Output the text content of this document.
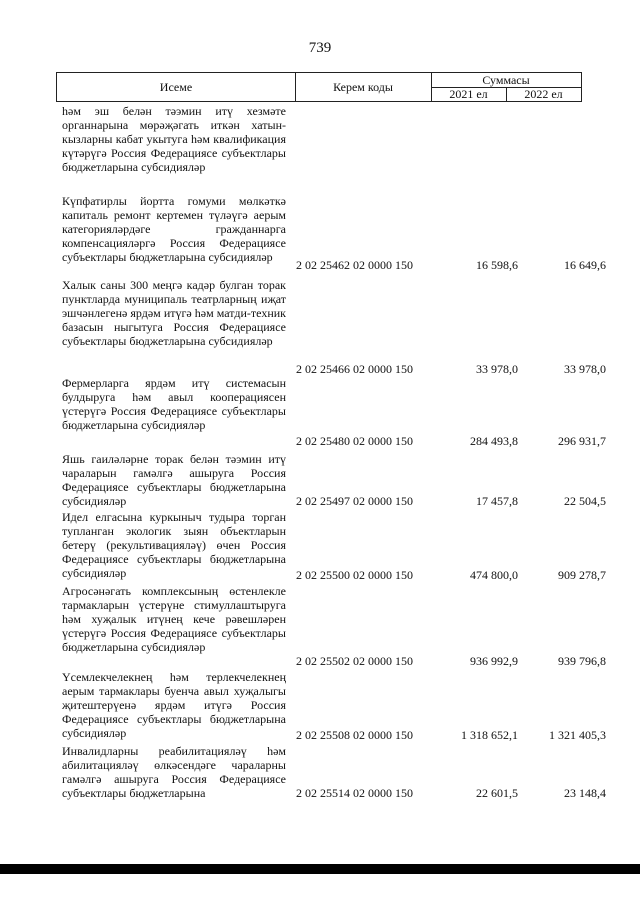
739
Исеме	Керем коды	Суммасы
2021 ел	2022 ел
һәм эш белән тәэмин итү хезмәте органнарына мөрәҗәгать иткән хатын-кызларны кабат укытуга һәм квалификация күтәрүгә Россия Федерациясе субъектлары бюджетларына субсидияләр
Күпфатирлы йортта гомуми мөлкәткә капиталь ремонт кертемен түләүгә аерым категорияләрдәге гражданнарга компенсацияләргә Россия Федерациясе субъектлары бюджетларына субсидияләр
2 02 25462 02 0000 150	16 598,6	16 649,6
Халык саны 300 меңгә кадәр булган торак пунктларда муниципаль театрларның иҗат эшчәнлегенә ярдәм итүгә һәм матди-техник базасын ныгытуга Россия Федерациясе субъектлары бюджетларына субсидияләр
2 02 25466 02 0000 150	33 978,0	33 978,0
Фермерларга ярдәм итү системасын булдыруга һәм авыл кооперациясен үстерүгә Россия Федерациясе субъектлары бюджетларына субсидияләр
2 02 25480 02 0000 150	284 493,8	296 931,7
Яшь гаиләләрне торак белән тәэмин итү чараларын гамәлгә ашыруга Россия Федерациясе субъектлары бюджетларына субсидияләр	2 02 25497 02 0000 150	17 457,8	22 504,5
Идел елгасына куркыныч тудыра торган тупланган экологик зыян объектларын бетерү (рекультивацияләү) өчен Россия Федерациясе субъектлары бюджетларына субсидияләр	2 02 25500 02 0000 150	474 800,0	909 278,7
Агросәнәгать комплексының өстенлекле тармакларын үстерүне стимуллаштыруга һәм хуҗалык итүнең кече рәвешләрен үстерүгә Россия Федерациясе субъектлары бюджетларына субсидияләр
2 02 25502 02 0000 150	936 992,9	939 796,8
Үсемлекчелекнең һәм терлекчелекнең аерым тармаклары буенча авыл хуҗалыгы җитештерүенә ярдәм итүгә Россия Федерациясе субъектлары бюджетларына субсидияләр	2 02 25508 02 0000 150	1 318 652,1	1 321 405,3
Инвалидларны реабилитацияләү һәм абилитацияләү өлкәсендәге чараларны гамәлгә ашыруга Россия Федерациясе субъектлары бюджетларына	2 02 25514 02 0000 150	22 601,5	23 148,4
